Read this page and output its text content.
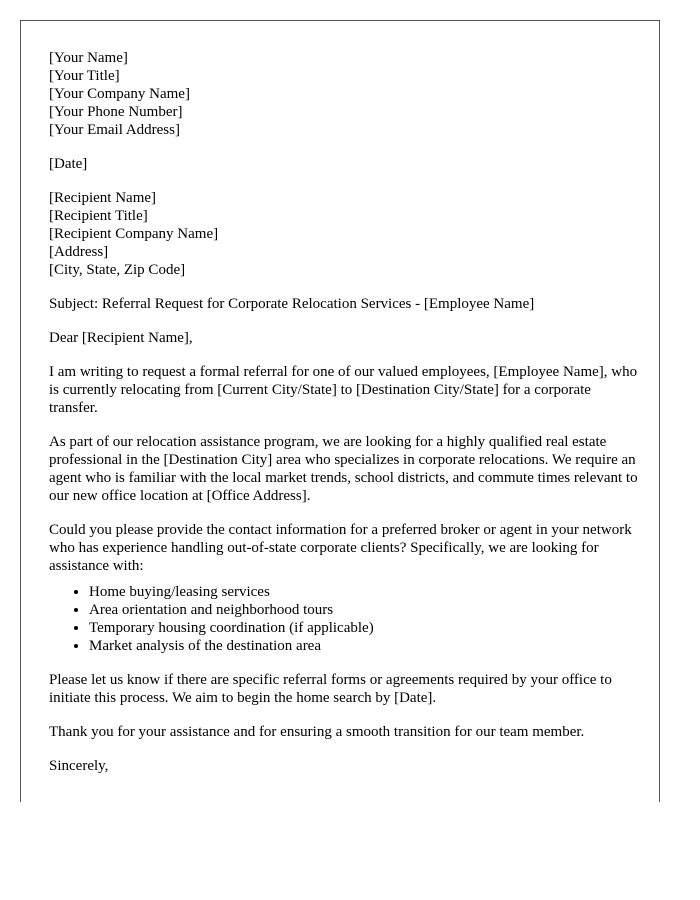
[Your Name]
[Your Title]
[Your Company Name]
[Your Phone Number]
[Your Email Address]
[Date]
[Recipient Name]
[Recipient Title]
[Recipient Company Name]
[Address]
[City, State, Zip Code]

Subject: Referral Request for Corporate Relocation Services - [Employee Name]

Dear [Recipient Name],

I am writing to request a formal referral for one of our valued employees, [Employee Name], who is currently relocating from [Current City/State] to [Destination City/State] for a corporate transfer.

As part of our relocation assistance program, we are looking for a highly qualified real estate professional in the [Destination City] area who specializes in corporate relocations. We require an agent who is familiar with the local market trends, school districts, and commute times relevant to our new office location at [Office Address].

Could you please provide the contact information for a preferred broker or agent in your network who has experience handling out-of-state corporate clients? Specifically, we are looking for assistance with:

• Home buying/leasing services
• Area orientation and neighborhood tours
• Temporary housing coordination (if applicable)
• Market analysis of the destination area

Please let us know if there are specific referral forms or agreements required by your office to initiate this process. We aim to begin the home search by [Date].

Thank you for your assistance and for ensuring a smooth transition for our team member.

Sincerely,
